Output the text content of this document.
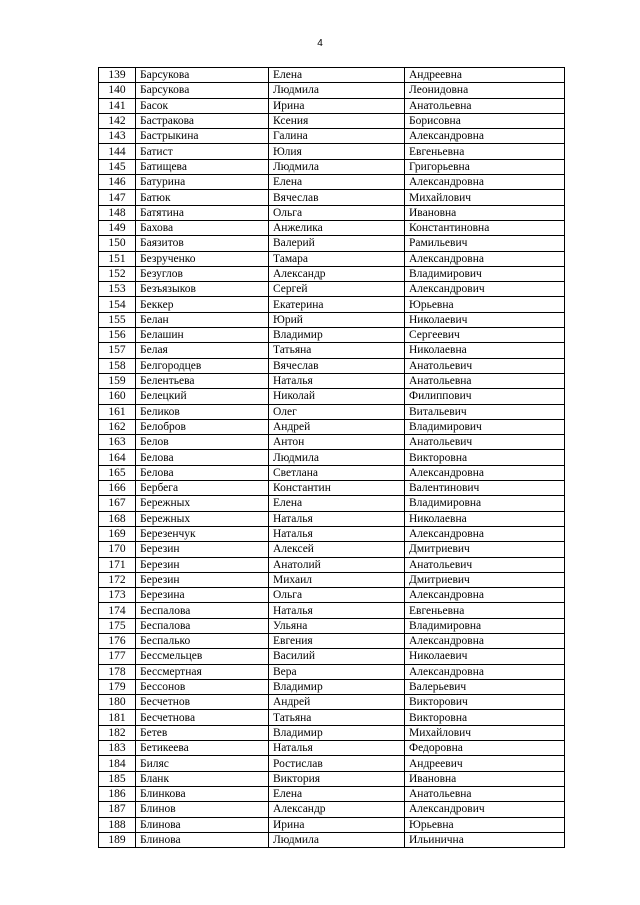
4
139	Барсукова	Елена	Андреевна
140	Барсукова	Людмила	Леонидовна
141	Басок	Ирина	Анатольевна
142	Бастракова	Ксения	Борисовна
143	Бастрыкина	Галина	Александровна
144	Батист	Юлия	Евгеньевна
145	Батищева	Людмила	Григорьевна
146	Батурина	Елена	Александровна
147	Батюк	Вячеслав	Михайлович
148	Батятина	Ольга	Ивановна
149	Бахова	Анжелика	Константиновна
150	Баязитов	Валерий	Рамильевич
151	Безрученко	Тамара	Александровна
152	Безуглов	Александр	Владимирович
153	Безъязыков	Сергей	Александрович
154	Беккер	Екатерина	Юрьевна
155	Белан	Юрий	Николаевич
156	Белашин	Владимир	Сергеевич
157	Белая	Татьяна	Николаевна
158	Белгородцев	Вячеслав	Анатольевич
159	Белентьева	Наталья	Анатольевна
160	Белецкий	Николай	Филиппович
161	Беликов	Олег	Витальевич
162	Белобров	Андрей	Владимирович
163	Белов	Антон	Анатольевич
164	Белова	Людмила	Викторовна
165	Белова	Светлана	Александровна
166	Бербега	Константин	Валентинович
167	Бережных	Елена	Владимировна
168	Бережных	Наталья	Николаевна
169	Березенчук	Наталья	Александровна
170	Березин	Алексей	Дмитриевич
171	Березин	Анатолий	Анатольевич
172	Березин	Михаил	Дмитриевич
173	Березина	Ольга	Александровна
174	Беспалова	Наталья	Евгеньевна
175	Беспалова	Ульяна	Владимировна
176	Беспалько	Евгения	Александровна
177	Бессмельцев	Василий	Николаевич
178	Бессмертная	Вера	Александровна
179	Бессонов	Владимир	Валерьевич
180	Бесчетнов	Андрей	Викторович
181	Бесчетнова	Татьяна	Викторовна
182	Бетев	Владимир	Михайлович
183	Бетикеева	Наталья	Федоровна
184	Биляс	Ростислав	Андреевич
185	Бланк	Виктория	Ивановна
186	Блинкова	Елена	Анатольевна
187	Блинов	Александр	Александрович
188	Блинова	Ирина	Юрьевна
189	Блинова	Людмила	Ильинична
